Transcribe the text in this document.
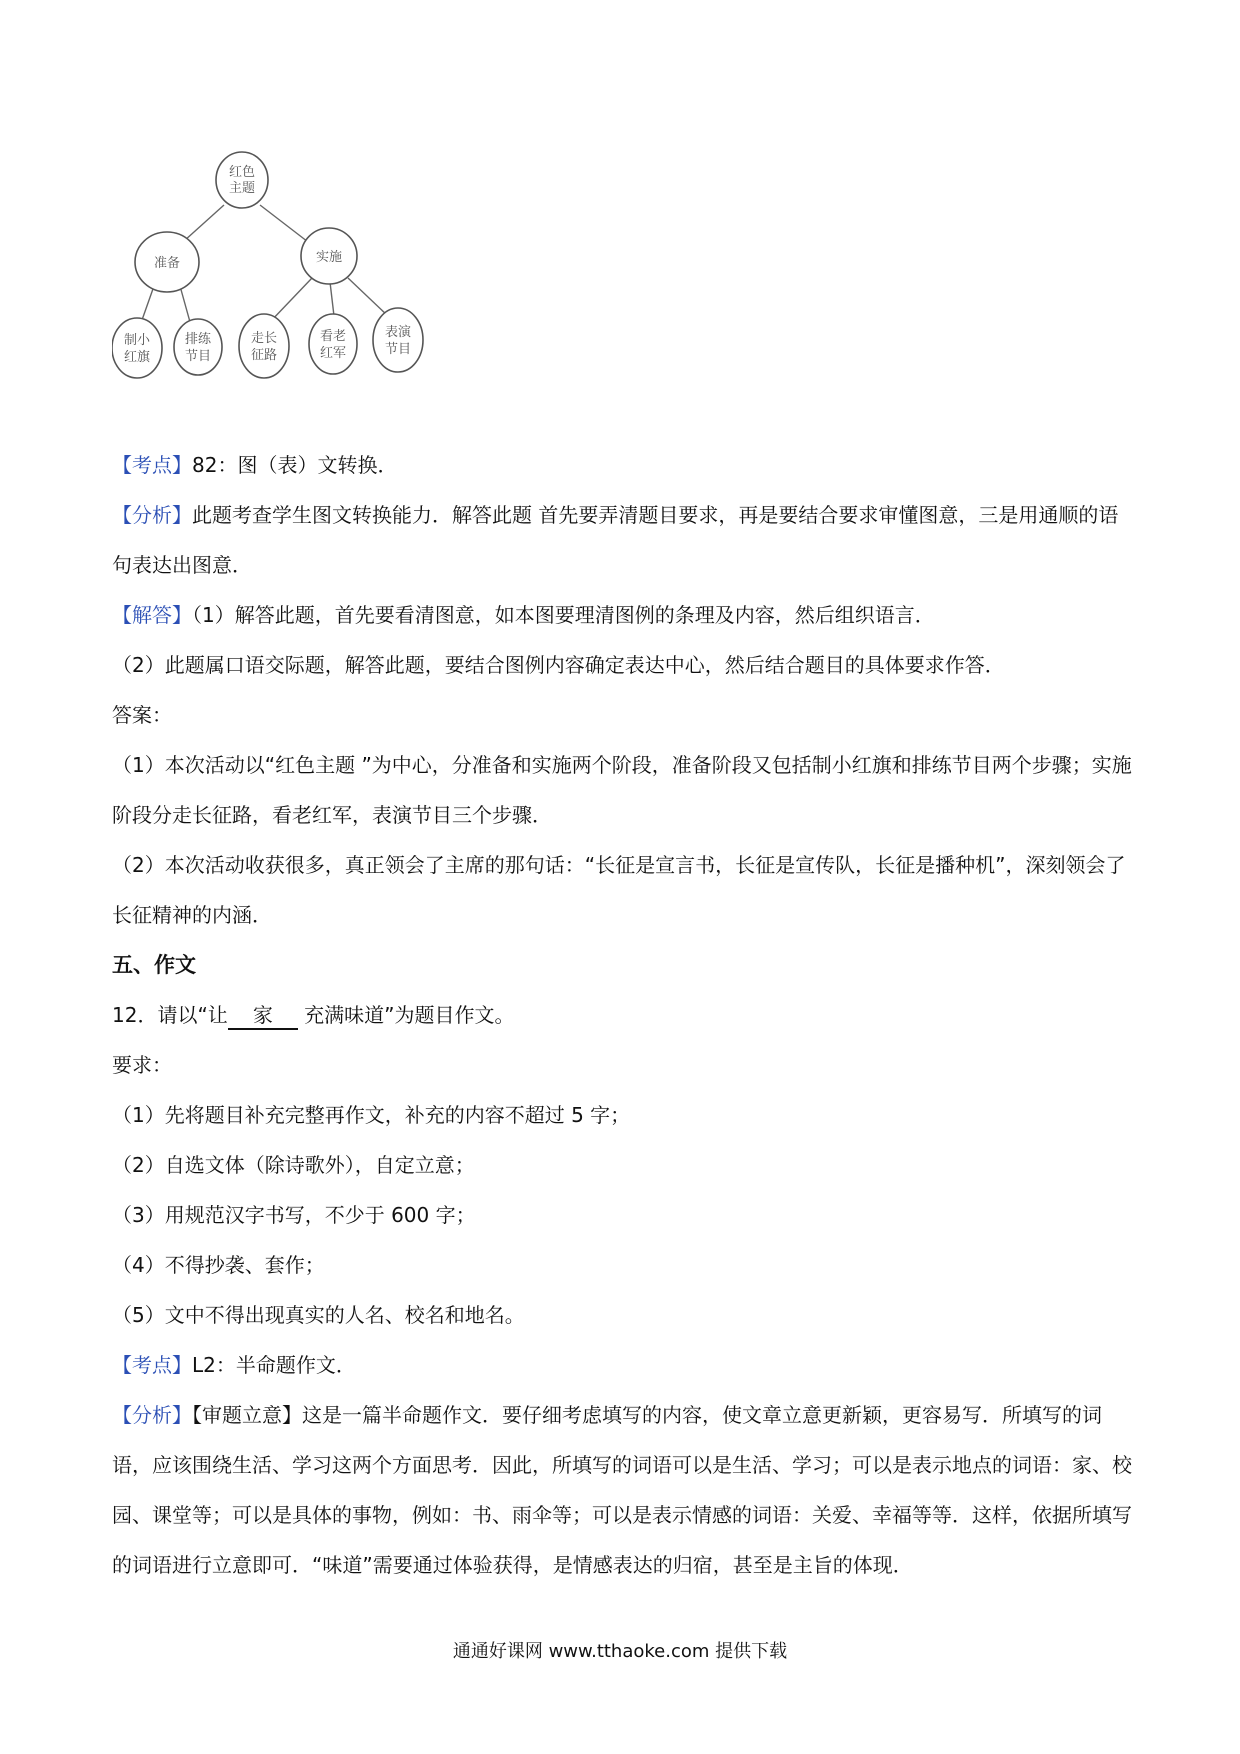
红色
主题
准备	实施
制小
红旗
排练
节目
走长
征路
看老
红军
表演
节目

【考点】82：图（表）文转换．

【分析】此题考查学生图文转换能力．解答此题 首先要弄清题目要求，再是要结合要求审懂图意，三是用通顺的语句表达出图意．

【解答】（1）解答此题，首先要看清图意，如本图要理清图例的条理及内容，然后组织语言．

（2）此题属口语交际题，解答此题，要结合图例内容确定表达中心，然后结合题目的具体要求作答．

答案：

（1）本次活动以“红色主题 ”为中心，分准备和实施两个阶段，准备阶段又包括制小红旗和排练节目两个步骤；实施阶段分走长征路，看老红军，表演节目三个步骤．

（2）本次活动收获很多，真正领会了主席的那句话：“长征是宣言书，长征是宣传队，长征是播种机”，深刻领会了长征精神的内涵．

五、作文

12．请以“让 家 充满味道”为题目作文。

要求：

（1）先将题目补充完整再作文，补充的内容不超过 5 字；

（2）自选文体（除诗歌外），自定立意；

（3）用规范汉字书写，不少于 600 字；

（4）不得抄袭、套作；

（5）文中不得出现真实的人名、校名和地名。

【考点】L2：半命题作文．

【分析】【审题立意】这是一篇半命题作文．要仔细考虑填写的内容，使文章立意更新颖，更容易写．所填写的词语，应该围绕生活、学习这两个方面思考．因此，所填写的词语可以是生活、学习；可以是表示地点的词语：家、校园、课堂等；可以是具体的事物，例如：书、雨伞等；可以是表示情感的词语：关爱、幸福等等．这样，依据所填写的词语进行立意即可．“味道”需要通过体验获得，是情感表达的归宿，甚至是主旨的体现．

通通好课网 www.tthaoke.com 提供下载
